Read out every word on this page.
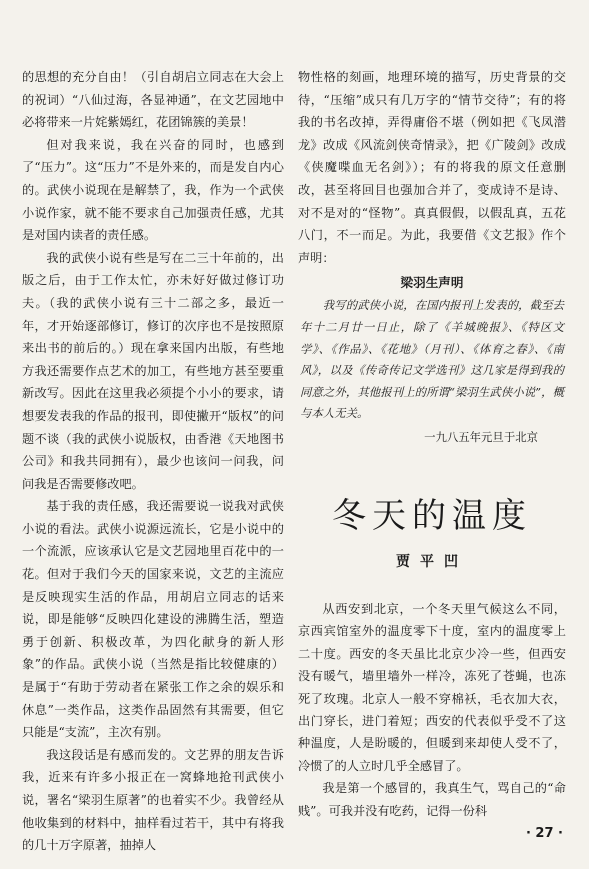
的思想的充分自由！（引自胡启立同志在大会上的祝词）“八仙过海，各显神通”，在文艺园地中必将带来一片姹紫嫣红，花团锦簇的美景！

但对我来说，我在兴奋的同时，也感到了“压力”。这“压力”不是外来的，而是发自内心的。武侠小说现在是解禁了，我，作为一个武侠小说作家，就不能不要求自己加强责任感，尤其是对国内读者的责任感。

我的武侠小说有些是写在二三十年前的，出版之后，由于工作太忙，亦未好好做过修订功夫。（我的武侠小说有三十二部之多，最近一年，才开始逐部修订，修订的次序也不是按照原来出书的前后的。）现在拿来国内出版，有些地方我还需要作点艺术的加工，有些地方甚至要重新改写。因此在这里我必须提个小小的要求，请想要发表我的作品的报刊，即使撇开“版权”的问题不谈（我的武侠小说版权，由香港《天地图书公司》和我共同拥有），最少也该问一问我，问问我是否需要修改吧。

基于我的责任感，我还需要说一说我对武侠小说的看法。武侠小说源远流长，它是小说中的一个流派，应该承认它是文艺园地里百花中的一花。但对于我们今天的国家来说，文艺的主流应是反映现实生活的作品，用胡启立同志的话来说，即是能够“反映四化建设的沸腾生活，塑造勇于创新、积极改革，为四化献身的新人形象”的作品。武侠小说（当然是指比较健康的）是属于“有助于劳动者在紧张工作之余的娱乐和休息”一类作品，这类作品固然有其需要，但它只能是“支流”，主次有别。

我这段话是有感而发的。文艺界的朋友告诉我，近来有许多小报正在一窝蜂地抢刊武侠小说，署名“梁羽生原著”的也着实不少。我曾经从他收集到的材料中，抽样看过若干，其中有将我的几十万字原著，抽掉人

物性格的刻画，地理环境的描写，历史背景的交待，“压缩”成只有几万字的“情节交待”；有的将我的书名改掉，弄得庸俗不堪（例如把《飞凤潜龙》改成《风流剑侠奇情录》，把《广陵剑》改成《侠魔喋血无名剑》）；有的将我的原文任意删改，甚至将回目也强加合并了，变成诗不是诗、对不是对的“怪物”。真真假假，以假乱真，五花八门，不一而足。为此，我要借《文艺报》作个声明：

梁羽生声明

我写的武侠小说，在国内报刊上发表的，截至去年十二月廿一日止，除了《羊城晚报》、《特区文学》、《作品》、《花地》（月刊）、《体育之春》、《南风》，以及《传奇传记文学选刊》这几家是得到我的同意之外，其他报刊上的所谓“梁羽生武侠小说”，概与本人无关。

一九八五年元旦于北京

冬天的温度
贾平凹

从西安到北京，一个冬天里气候这么不同，京西宾馆室外的温度零下十度，室内的温度零上二十度。西安的冬天虽比北京少冷一些，但西安没有暖气，墙里墙外一样冷，冻死了苍蝇，也冻死了玫瑰。北京人一般不穿棉袄，毛衣加大衣，出门穿长，进门着短；西安的代表似乎受不了这种温度，人是盼暖的，但暖到来却使人受不了，冷惯了的人立时几乎全感冒了。

我是第一个感冒的，我真生气，骂自己的“命贱”。可我并没有吃药，记得一份科

· 27 ·
